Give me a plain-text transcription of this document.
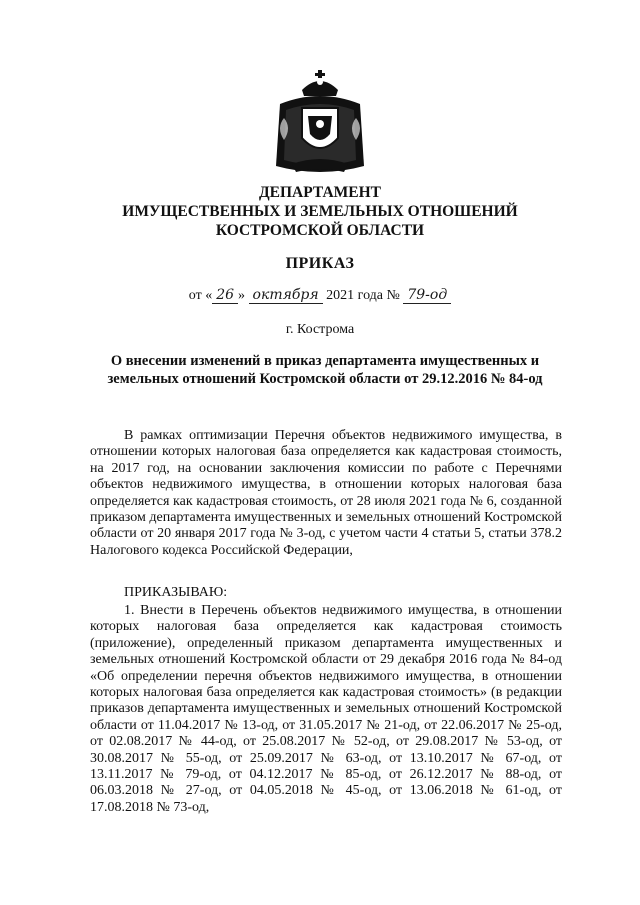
ДЕПАРТАМЕНТ
ИМУЩЕСТВЕННЫХ И ЗЕМЕЛЬНЫХ ОТНОШЕНИЙ
КОСТРОМСКОЙ ОБЛАСТИ
ПРИКАЗ
от « 26 » октября 2021 года № 79-од
г. Кострома
О внесении изменений в приказ департамента имущественных и
земельных отношений Костромской области от 29.12.2016 № 84-од
В рамках оптимизации Перечня объектов недвижимого имущества, в отношении которых налоговая база определяется как кадастровая стоимость, на 2017 год, на основании заключения комиссии по работе с Перечнями объектов недвижимого имущества, в отношении которых налоговая база определяется как кадастровая стоимость, от 28 июля 2021 года № 6, созданной приказом департамента имущественных и земельных отношений Костромской области от 20 января 2017 года № 3-од, с учетом части 4 статьи 5, статьи 378.2 Налогового кодекса Российской Федерации,
ПРИКАЗЫВАЮ:
1. Внести в Перечень объектов недвижимого имущества, в отношении которых налоговая база определяется как кадастровая стоимость (приложение), определенный приказом департамента имущественных и земельных отношений Костромской области от 29 декабря 2016 года № 84-од «Об определении перечня объектов недвижимого имущества, в отношении которых налоговая база определяется как кадастровая стоимость» (в редакции приказов департамента имущественных и земельных отношений Костромской области от 11.04.2017 № 13-од, от 31.05.2017 № 21-од, от 22.06.2017 № 25-од, от 02.08.2017 № 44-од, от 25.08.2017 № 52-од, от 29.08.2017 № 53-од, от 30.08.2017 № 55-од, от 25.09.2017 № 63-од, от 13.10.2017 № 67-од, от 13.11.2017 № 79-од, от 04.12.2017 № 85-од, от 26.12.2017 № 88-од, от 06.03.2018 № 27-од, от 04.05.2018 № 45-од, от 13.06.2018 № 61-од, от 17.08.2018 № 73-од,
